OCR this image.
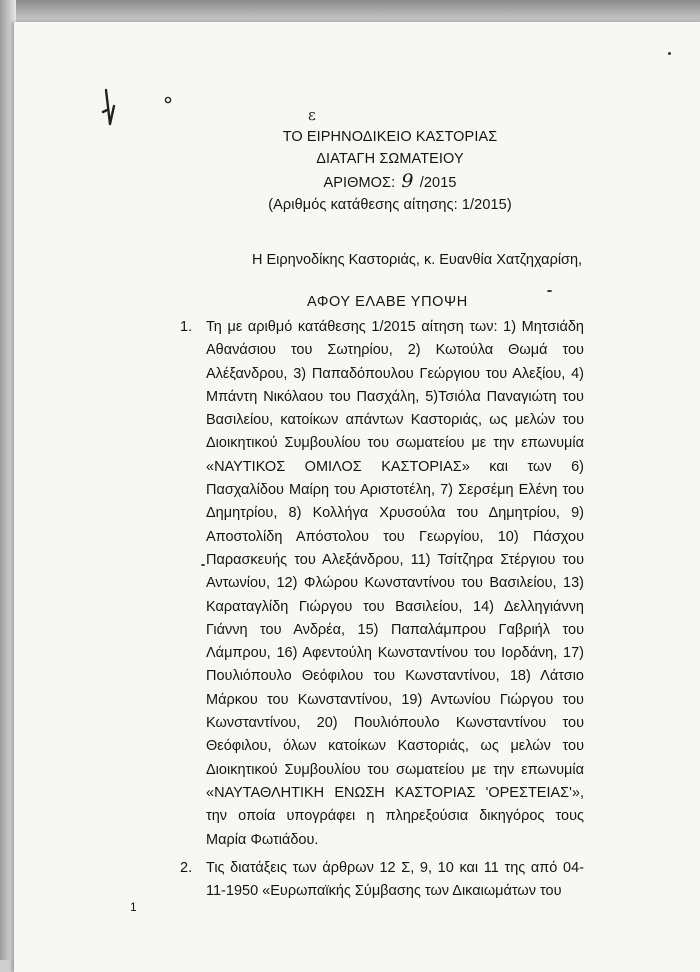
ε
ΤΟ ΕΙΡΗΝΟΔΙΚΕΙΟ ΚΑΣΤΟΡΙΑΣ
ΔΙΑΤΑΓΗ ΣΩΜΑΤΕΙΟΥ
ΑΡΙΘΜΟΣ: 9 /2015
(Αριθμός κατάθεσης αίτησης: 1/2015)
Η Ειρηνοδίκης Καστοριάς, κ. Ευανθία Χατζηχαρίση,
ΑΦΟΥ ΕΛΑΒΕ ΥΠΟΨΗ
1. Τη με αριθμό κατάθεσης 1/2015 αίτηση των: 1) Μητσιάδη Αθανάσιου του Σωτηρίου, 2) Κωτούλα Θωμά του Αλέξανδρου, 3) Παπαδόπουλου Γεώργιου του Αλεξίου, 4) Μπάντη Νικόλαου του Πασχάλη, 5)Τσιόλα Παναγιώτη του Βασιλείου, κατοίκων απάντων Καστοριάς, ως μελών του Διοικητικού Συμβουλίου του σωματείου με την επωνυμία «ΝΑΥΤΙΚΟΣ ΟΜΙΛΟΣ ΚΑΣΤΟΡΙΑΣ» και των 6) Πασχαλίδου Μαίρη του Αριστοτέλη, 7) Σερσέμη Ελένη του Δημητρίου, 8) Κολλήγα Χρυσούλα του Δημητρίου, 9) Αποστολίδη Απόστολου του Γεωργίου, 10) Πάσχου Παρασκευής του Αλεξάνδρου, 11) Τσίτζηρα Στέργιου του Αντωνίου, 12) Φλώρου Κωνσταντίνου του Βασιλείου, 13) Καραταγλίδη Γιώργου του Βασιλείου, 14) Δελληγιάννη Γιάννη του Ανδρέα, 15) Παπαλάμπρου Γαβριήλ του Λάμπρου, 16) Αφεντούλη Κωνσταντίνου του Ιορδάνη, 17) Πουλιόπουλο Θεόφιλου του Κωνσταντίνου, 18) Λάτσιο Μάρκου του Κωνσταντίνου, 19) Αντωνίου Γιώργου του Κωνσταντίνου, 20) Πουλιόπουλο Κωνσταντίνου του Θεόφιλου, όλων κατοίκων Καστοριάς, ως μελών του Διοικητικού Συμβουλίου του σωματείου με την επωνυμία «ΝΑΥΤΑΘΛΗΤΙΚΗ ΕΝΩΣΗ ΚΑΣΤΟΡΙΑΣ 'ΟΡΕΣΤΕΙΑΣ'», την οποία υπογράφει η πληρεξούσια δικηγόρος τους Μαρία Φωτιάδου.
2. Τις διατάξεις των άρθρων 12 Σ, 9, 10 και 11 της από 04-11-1950 «Ευρωπαϊκής Σύμβασης των Δικαιωμάτων του
1
